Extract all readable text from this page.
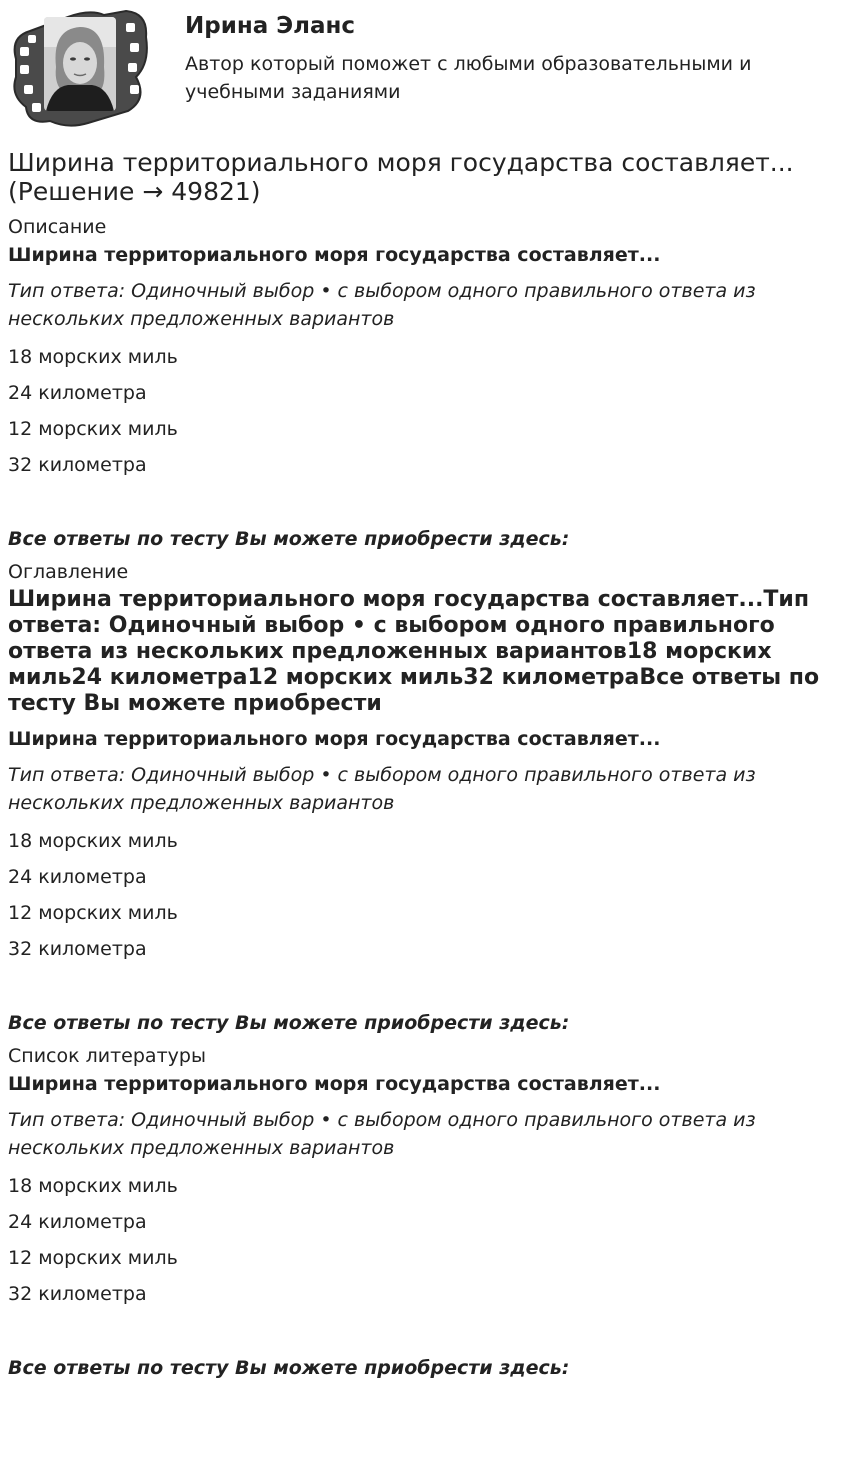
Ирина Эланс
Автор который поможет с любыми образовательными и учебными заданиями
Ширина территориального моря государства составляет... (Решение → 49821)
Описание
Ширина территориального моря государства составляет...
Тип ответа: Одиночный выбор • с выбором одного правильного ответа из нескольких предложенных вариантов
18 морских миль
24 километра
12 морских миль
32 километра
Все ответы по тесту Вы можете приобрести здесь:
Оглавление
Ширина территориального моря государства составляет...Тип ответа: Одиночный выбор • с выбором одного правильного ответа из нескольких предложенных вариантов18 морских миль24 километра12 морских миль32 километраВсе ответы по тесту Вы можете приобрести
Ширина территориального моря государства составляет...
Тип ответа: Одиночный выбор • с выбором одного правильного ответа из нескольких предложенных вариантов
18 морских миль
24 километра
12 морских миль
32 километра
Все ответы по тесту Вы можете приобрести здесь:
Список литературы
Ширина территориального моря государства составляет...
Тип ответа: Одиночный выбор • с выбором одного правильного ответа из нескольких предложенных вариантов
18 морских миль
24 километра
12 морских миль
32 километра
Все ответы по тесту Вы можете приобрести здесь:
